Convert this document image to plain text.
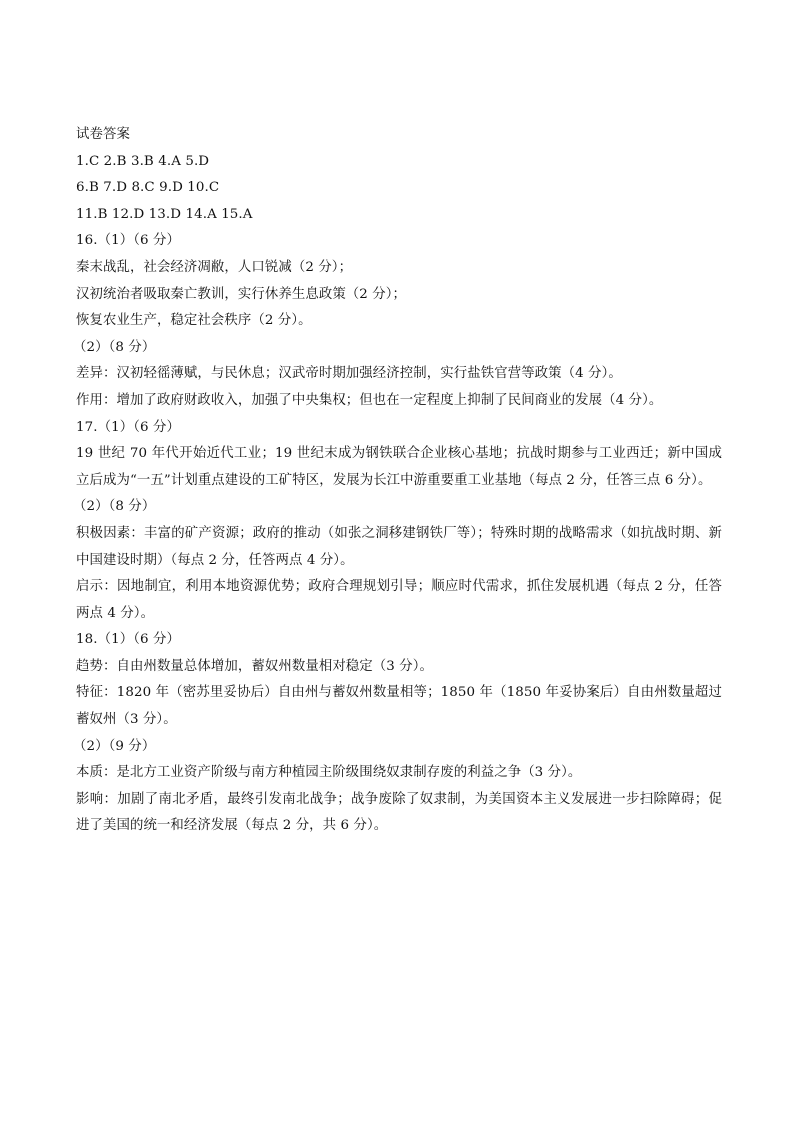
试卷答案
1.C 2.B 3.B 4.A 5.D
6.B 7.D 8.C 9.D 10.C
11.B 12.D 13.D 14.A 15.A
16.（1）（6 分）
秦末战乱，社会经济凋敝，人口锐减（2 分）；
汉初统治者吸取秦亡教训，实行休养生息政策（2 分）；
恢复农业生产，稳定社会秩序（2 分）。
（2）（8 分）
差异：汉初轻徭薄赋，与民休息；汉武帝时期加强经济控制，实行盐铁官营等政策（4 分）。
作用：增加了政府财政收入，加强了中央集权；但也在一定程度上抑制了民间商业的发展（4 分）。
17.（1）（6 分）
19 世纪 70 年代开始近代工业；19 世纪末成为钢铁联合企业核心基地；抗战时期参与工业西迁；新中国成立后成为“一五”计划重点建设的工矿特区，发展为长江中游重要重工业基地（每点 2 分，任答三点 6 分）。
（2）（8 分）
积极因素：丰富的矿产资源；政府的推动（如张之洞移建钢铁厂等）；特殊时期的战略需求（如抗战时期、新中国建设时期）（每点 2 分，任答两点 4 分）。
启示：因地制宜，利用本地资源优势；政府合理规划引导；顺应时代需求，抓住发展机遇（每点 2 分，任答两点 4 分）。
18.（1）（6 分）
趋势：自由州数量总体增加，蓄奴州数量相对稳定（3 分）。
特征：1820 年（密苏里妥协后）自由州与蓄奴州数量相等；1850 年（1850 年妥协案后）自由州数量超过蓄奴州（3 分）。
（2）（9 分）
本质：是北方工业资产阶级与南方种植园主阶级围绕奴隶制存废的利益之争（3 分）。
影响：加剧了南北矛盾，最终引发南北战争；战争废除了奴隶制，为美国资本主义发展进一步扫除障碍；促进了美国的统一和经济发展（每点 2 分，共 6 分）。
